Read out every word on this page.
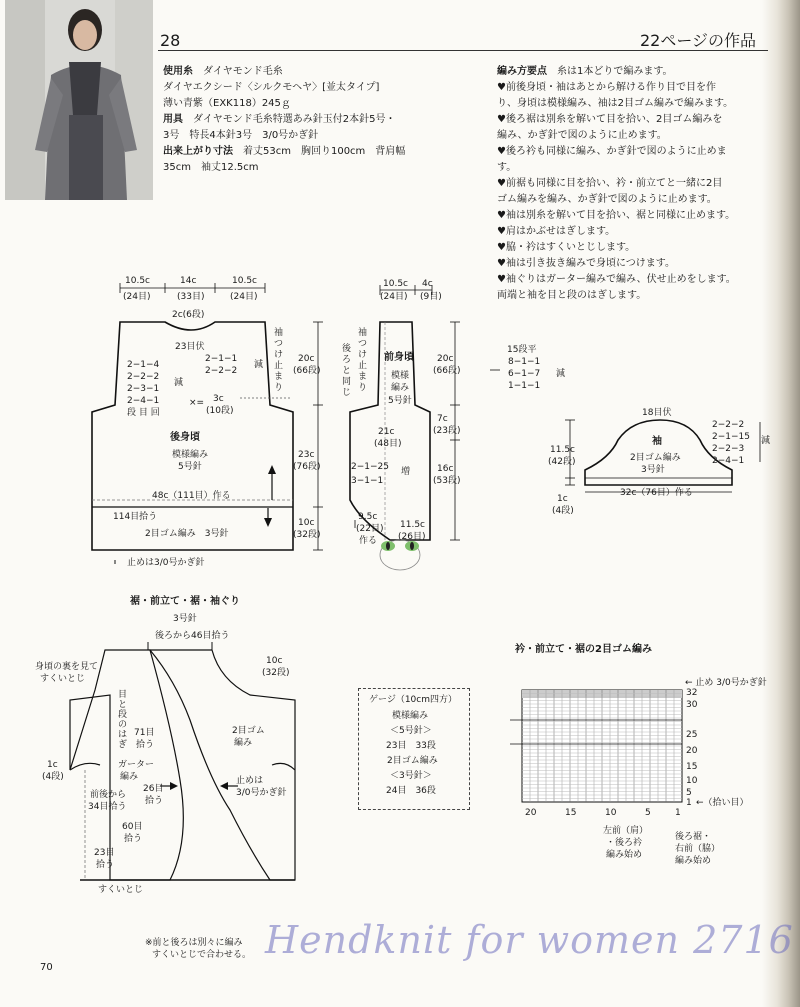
28	22ページの作品
使用糸　 ダイヤモンド毛糸
ダイヤエクシード〈シルクモヘヤ〉[並太タイプ]
薄い青紫（EXK118）245ｇ
用具　 ダイヤモンド毛糸特選あみ針玉付2本針5号・
3号　特長4本針3号　3/0号かぎ針
出来上がり寸法　 着丈53cm　胸回り100cm　背肩幅
35cm　袖丈12.5cm
編み方要点　 糸は1本どりで編みます。
♥前後身頃・袖はあとから解ける作り目で目を作
り、身頃は模様編み、袖は2目ゴム編みで編みます。
♥後ろ裾は別糸を解いて目を拾い、2目ゴム編みを
編み、かぎ針で図のように止めます。
♥後ろ衿も同様に編み、かぎ針で図のように止めま
す。
♥前裾も同様に目を拾い、衿・前立てと一緒に2目
ゴム編みを編み、かぎ針で図のように止めます。
♥袖は別糸を解いて目を拾い、裾と同様に止めます。
♥肩はかぶせはぎします。
♥脇・衿はすくいとじします。
♥袖は引き抜き編みで身頃につけます。
♥袖ぐりはガーター編みで編み、伏せ止めをします。
両端と袖を目と段のはぎします。
10.5c	14c	10.5c
(24目)	(33目)	(24目)
2c(6段)
23目伏
2−1−1
2−2−2
減
2−1−4
2−2−2
2−3−1
2−4−1
減
段 目 回
×= 3c
(10段)
袖つけ止まり
20c
(66段)
23c
(76段)
10c
(32段)
後身頃
模様編み
5号針
48c（111目）作る
114目拾う
2目ゴム編み　3号針
止めは3/0号かぎ針
10.5c 4c
(24目) (9目)
袖つけ止まり
後ろと同じ
前身頃
模様
編み
5号針
21c
(48目)
2−1−25
3−1−1
増
20c
(66段)
7c
(23段)
16c
(53段)
9.5c
(22目)
作る
11.5c
(26目)
15段平
8−1−1
6−1−7
1−1−1
減
18目伏
2−2−2
2−1−15
2−2−3
2−4−1
減
袖
2目ゴム編み
3号針
11.5c
(42段)
32c（76目）作る
1c
(4段)
裾・前立て・裾・袖ぐり
3号針
後ろから46目拾う
身頃の裏を見て
すくいとじ
目と段のはぎ
71目
拾う
2目ゴム
編み
10c
(32段)
1c
(4段)
ガーター
編み
前後から
34目拾う
26目
拾う
止めは
3/0号かぎ針
60目
拾う
23目
拾う
すくいとじ
※前と後ろは別々に編み
すくいとじで合わせる。
ゲージ（10cm四方）
模様編み
＜5号針＞
23目　33段
2目ゴム編み
＜3号針＞
24目　36段
衿・前立て・裾の2目ゴム編み
← 止め 3/0号かぎ針
32
30
25
20
15
10
5
1 ←（拾い目）
20	15	10	5	1
左前（肩）
・後ろ衿
編み始め
後ろ裾・
右前（脇）
編み始め
70
Hendknit for women 2716
